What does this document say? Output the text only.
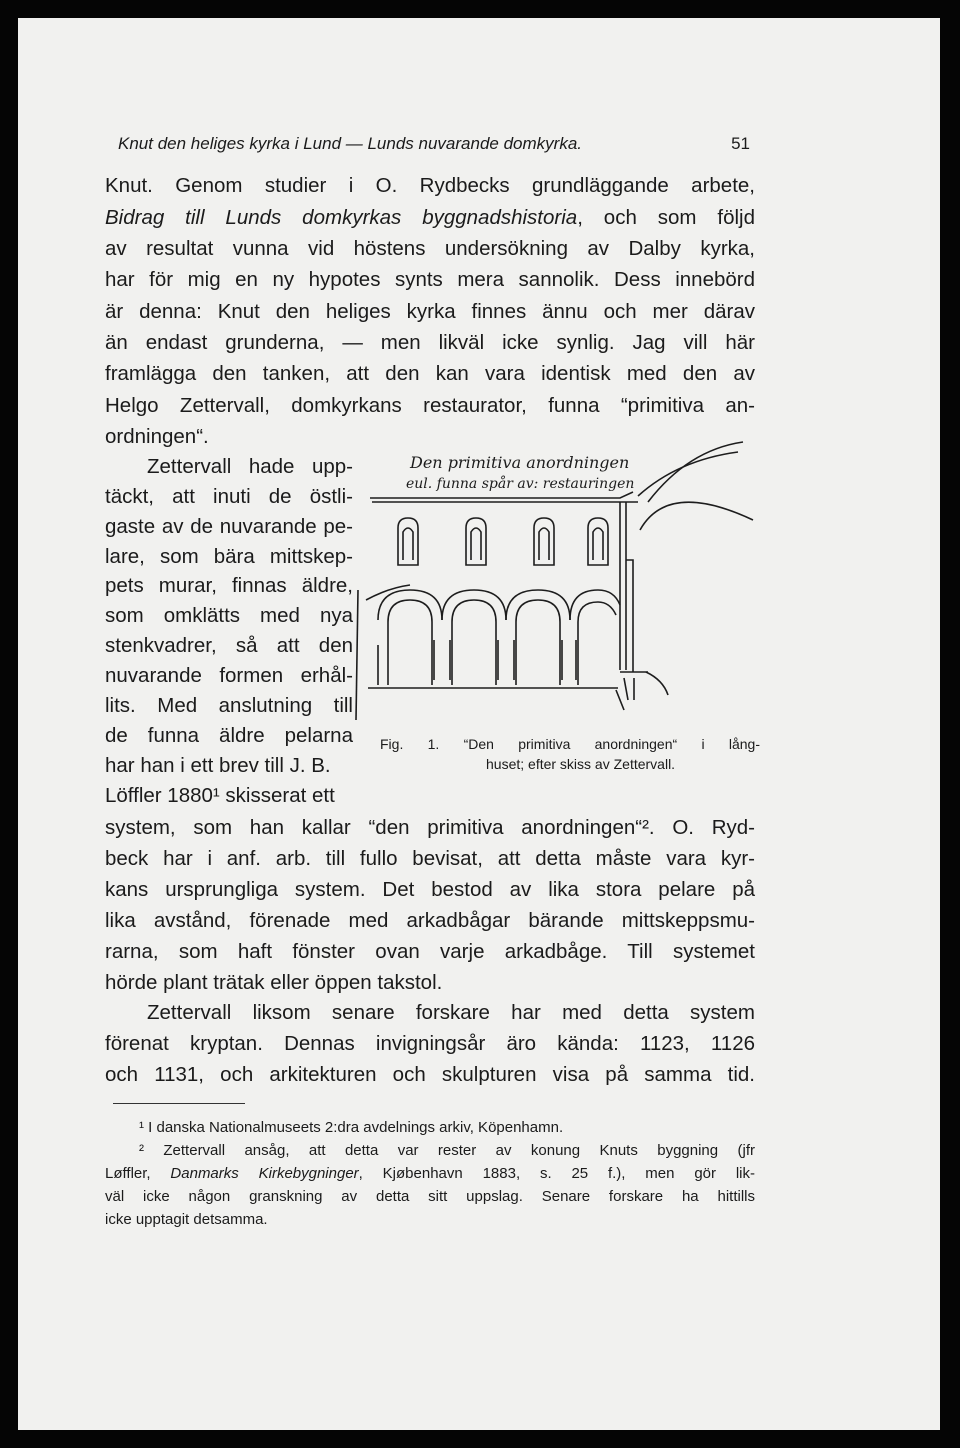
Knut den heliges kyrka i Lund — Lunds nuvarande domkyrka.	51
Knut. Genom studier i O. Rydbecks grundläggande arbete,
Bidrag till Lunds domkyrkas byggnadshistoria, och som följd
av resultat vunna vid höstens undersökning av Dalby kyrka,
har för mig en ny hypotes synts mera sannolik. Dess innebörd
är denna: Knut den heliges kyrka finnes ännu och mer därav
än endast grunderna, — men likväl icke synlig. Jag vill här
framlägga den tanken, att den kan vara identisk med den av
Helgo Zettervall, domkyrkans restaurator, funna “primitiva an-
ordningen“.
Zettervall hade upp-
täckt, att inuti de östli-
gaste av de nuvarande pe-
lare, som bära mittskep-
pets murar, finnas äldre,
som omklätts med nya
stenkvadrer, så att den
nuvarande formen erhål-
lits. Med anslutning till
de funna äldre pelarna
har han i ett brev till J. B.
Löffler 1880¹ skisserat ett
Den primitiva anordningen
eul. funna spår av: restauringen
Fig. 1. “Den primitiva anordningen“ i lång-
huset; efter skiss av Zettervall.
system, som han kallar “den primitiva anordningen“². O. Ryd-
beck har i anf. arb. till fullo bevisat, att detta måste vara kyr-
kans ursprungliga system. Det bestod av lika stora pelare på
lika avstånd, förenade med arkadbågar bärande mittskeppsmu-
rarna, som haft fönster ovan varje arkadbåge. Till systemet
hörde plant trätak eller öppen takstol.
Zettervall liksom senare forskare har med detta system
förenat kryptan. Dennas invigningsår äro kända: 1123, 1126
och 1131, och arkitekturen och skulpturen visa på samma tid.
¹ I danska Nationalmuseets 2:dra avdelnings arkiv, Köpenhamn.
² Zettervall ansåg, att detta var rester av konung Knuts byggning (jfr
Løffler, Danmarks Kirkebygninger, Kjøbenhavn 1883, s. 25 f.), men gör lik-
väl icke någon granskning av detta sitt uppslag. Senare forskare ha hittills
icke upptagit detsamma.
